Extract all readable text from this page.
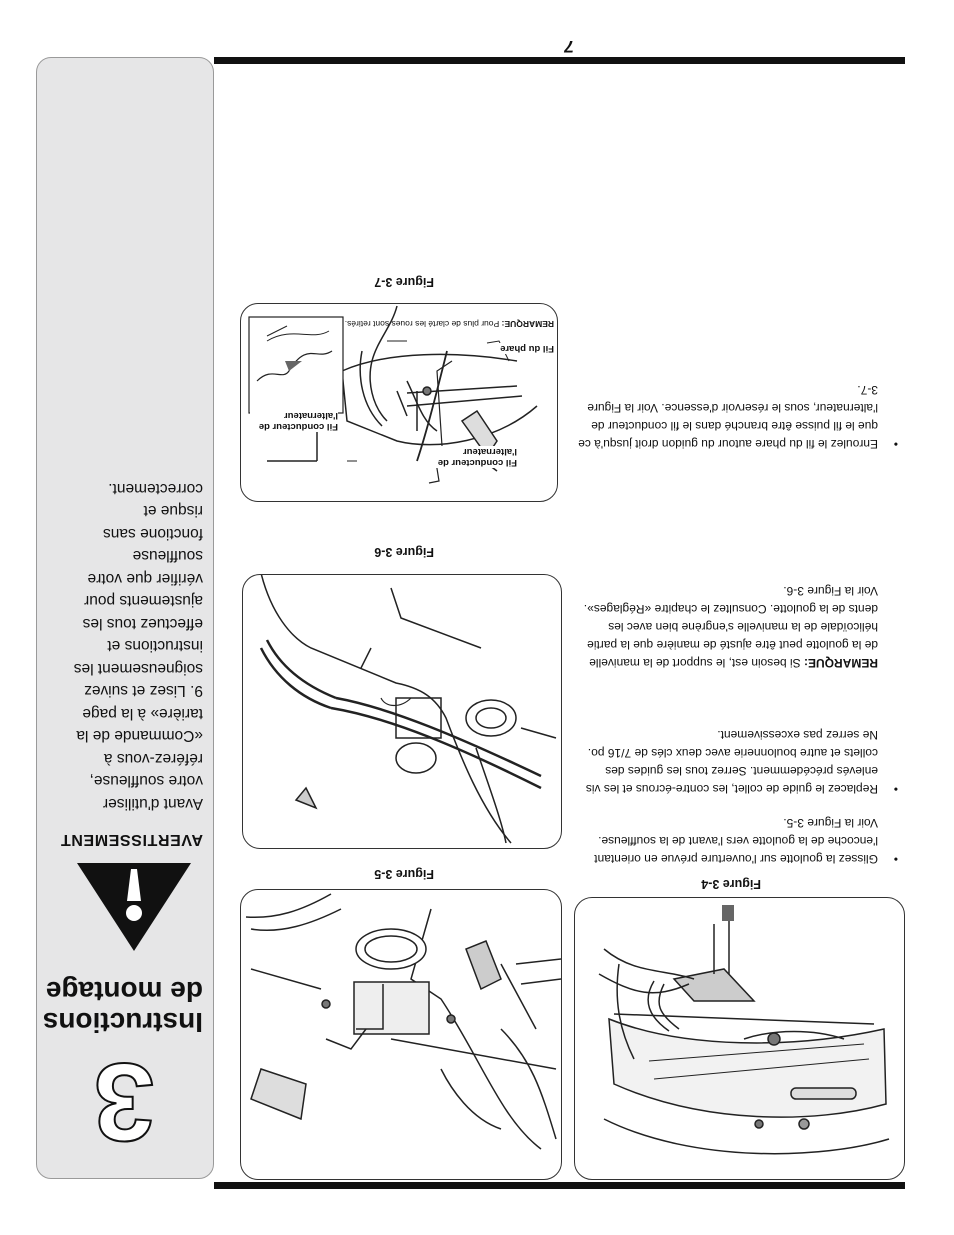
3
Instructions de montage
AVERTISSEMENT

Avant d'utiliser votre souffleuse, référez-vous à «Commande de la tarière» à la page 9. Lisez et suivez soigneusement les instructions et effectuez tous les ajustements pour vérifier que votre souffleuse fonctione sans risque et correctement.

Figure 3-4
Figure 3-5
Figure 3-6
Fil conducteur de l'alternateur
Fil du phare
Fil conducteur de l'alternateur
REMARQUE: Pour plus de clarté les roues sont retirés.
Figure 3-7

•
Glissez la goulotte sur l'ouverture prévue en orientant l'encoche de la goulotte vers l'avant de la souffleuse. Voir la Figure 3-5.

•
Replacez le guide de collet, les contre-écrous et les vis enlevés précédemment. Serrez tous les guides des collets et autre boulonnerie avec deux clés de 7/16 po. Ne serrez pas excessivement.

REMARQUE: Si besoin est, le support de la manivelle de la goulotte peut être ajusté de manière que la partie hélicoïdale de la manivelle s'engrène bien avec les dents de la goulotte. Consultez le chapitre «Réglages». Voir la Figure 3-6.

•
Enroulez le fil du phare autour du guidon droit jusqu'à ce que le fil puisse être branché dans le fil conducteur de l'alternateur, sous le réservoir d'essence. Voir la Figure 3-7.

7
